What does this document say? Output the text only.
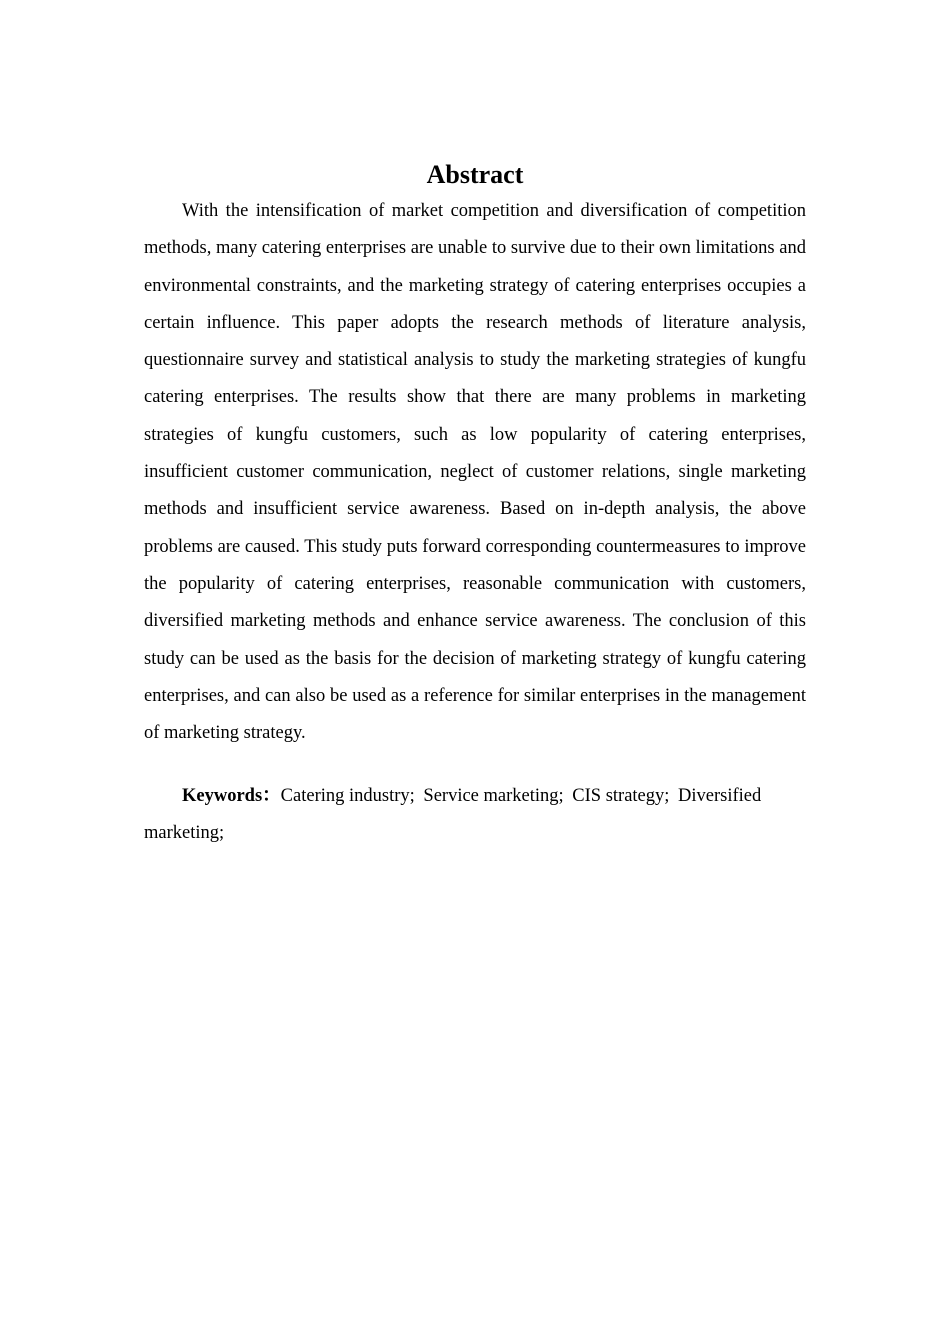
Abstract

With the intensification of market competition and diversification of competition methods, many catering enterprises are unable to survive due to their own limitations and environmental constraints, and the marketing strategy of catering enterprises occupies a certain influence. This paper adopts the research methods of literature analysis, questionnaire survey and statistical analysis to study the marketing strategies of kungfu catering enterprises. The results show that there are many problems in marketing strategies of kungfu customers, such as low popularity of catering enterprises, insufficient customer communication, neglect of customer relations, single marketing methods and insufficient service awareness. Based on in-depth analysis, the above problems are caused. This study puts forward corresponding countermeasures to improve the popularity of catering enterprises, reasonable communication with customers, diversified marketing methods and enhance service awareness. The conclusion of this study can be used as the basis for the decision of marketing strategy of kungfu catering enterprises, and can also be used as a reference for similar enterprises in the management of marketing strategy.

Keywords：Catering industry; Service marketing; CIS strategy; Diversified marketing;
